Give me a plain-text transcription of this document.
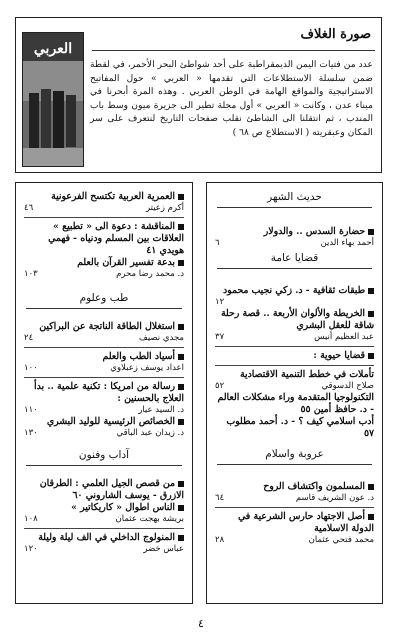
العربي
صورة الغلاف
عدد من فتيات اليمن الديمقراطية على أحد شواطئ البحر الأحمر، في لقطة ضمن سلسلة الاستطلاعات التي تقدمها « العربي » حول المفاتيح الاستراتيجية والمواقع الهامة في الوطن العربي . وهذه المرة أبحرنا في ميناء عدن ، وكانت « العربي » أول مجلة تطير الى جزيرة ميون وسط باب المندب ، ثم انتقلنا الى الشاطئ نقلب صفحات التاريخ لنتعرف على سر المكان وعبقريته ( الاستطلاع ص ٦٨ )
حديث الشهر
حضارة السدس .. والدولار
أحمد بهاء الدين
٦
قضايا عامة
طبقات ثقافية - د. زكي نجيب محمود
١٢
الخريطة والألوان الأربعة .. قصة رحلة شاقة للعقل البشري
عبد العظيم أنيس
٣٧
قضايا حيوية :
تأملات في خطط التنمية الاقتصادية
صلاح الدسوقي
٥٢
التكنولوجيا المتقدمة وراء مشكلات العالم - د. حافظ أمين ٥٥
أدب اسلامي كيف ؟ - د. أحمد مطلوب ٥٧
عروبة واسلام
المسلمون واكتشاف الروح
د. عون الشريف قاسم
٦٤
أصل الاجتهاد حارس الشرعية في الدولة الاسلامية
محمد فتحي عثمان
٢٨
العمرية العربية تكتسح الفرعونية
أكرم زعيتر
٤٦
المناقشة : دعوة الى « تطبيع » العلاقات بين المسلم ودنياه - فهمي هويدي ٤١
بدعة تفسير القرآن بالعلم
د. محمد رضا محرم
١٠٣
طب وعلوم
استغلال الطاقة الناتجة عن البراكين
مجدي نصيف
٢٤
أسياد الطب والعلم
اعداد يوسف زعبلاوي
١٠٠
رسالة من امريكا : تكنية علمية .. بدأ العلاج بالحسنين :
د. السيد عيار
١١٠
الخصائص الرئيسية للوليد البشري
د. زيدان عبد الباقي
١٣٠
آداب وفنون
من قصص الجيل العلمي : الطرقان الازرق - يوسف الشاروني ٦٠
الناس اطوال « كاريكاتير »
بريشة بهجت عثمان
١٠٨
المنولوج الداخلي في الف ليلة وليلة
عباس خضر
١٢٠
٤
